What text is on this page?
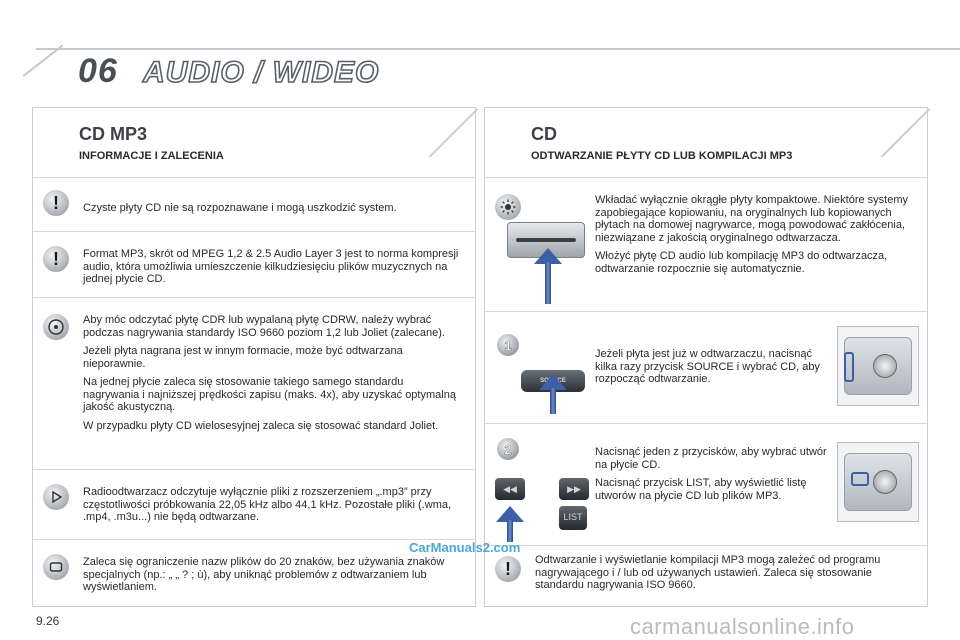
06 AUDIO / WIDEO
CD MP3
INFORMACJE I ZALECENIA
!	Czyste płyty CD nie są rozpoznawane i mogą uszkodzić system.

!	Format MP3, skrót od MPEG 1,2 & 2.5 Audio Layer 3 jest to norma kompresji audio, która umożliwia umieszczenie kilkudziesięciu plików muzycznych na jednej płycie CD.

Aby móc odczytać płytę CDR lub wypalaną płytę CDRW, należy wybrać podczas nagrywania standardy ISO 9660 poziom 1,2 lub Joliet (zalecane).

Jeżeli płyta nagrana jest w innym formacie, może być odtwarzana nieporawnie.

Na jednej płycie zaleca się stosowanie takiego samego standardu nagrywania i najniższej prędkości zapisu (maks. 4x), aby uzyskać optymalną jakość akustyczną.

W przypadku płyty CD wielosesyjnej zaleca się stosować standard Joliet.

Radioodtwarzacz odczytuje wyłącznie pliki z rozszerzeniem „.mp3” przy częstotliwości próbkowania 22,05 kHz albo 44,1 kHz. Pozostałe pliki (.wma, .mp4, .m3u...) nie będą odtwarzane.

Zaleca się ograniczenie nazw plików do 20 znaków, bez używania znaków specjalnych (np.: „ „ ? ; ù), aby uniknąć problemów z odtwarzaniem lub wyświetlaniem.

CD
ODTWARZANIE PŁYTY CD LUB KOMPILACJI MP3

Wkładać wyłącznie okrągłe płyty kompaktowe. Niektóre systemy zapobiegające kopiowaniu, na oryginalnych lub kopiowanych płytach na domowej nagrywarce, mogą powodować zakłócenia, niezwiązane z jakością oryginalnego odtwarzacza.

Włożyć płytę CD audio lub kompilację MP3 do odtwarzacza, odtwarzanie rozpocznie się automatycznie.

1
SOURCE

Jeżeli płyta jest już w odtwarzaczu, nacisnąć kilka razy przycisk SOURCE i wybrać CD, aby rozpocząć odtwarzanie.

2
◀◀	▶▶
LIST

Nacisnąć jeden z przycisków, aby wybrać utwór na płycie CD.

Nacisnąć przycisk LIST, aby wyświetlić listę utworów na płycie CD lub plików MP3.

!	Odtwarzanie i wyświetlanie kompilacji MP3 mogą zależeć od programu nagrywającego i / lub od używanych ustawień. Zaleca się stosowanie standardu nagrywania ISO 9660.

CarManuals2.com
9.26	carmanualsonline.info
